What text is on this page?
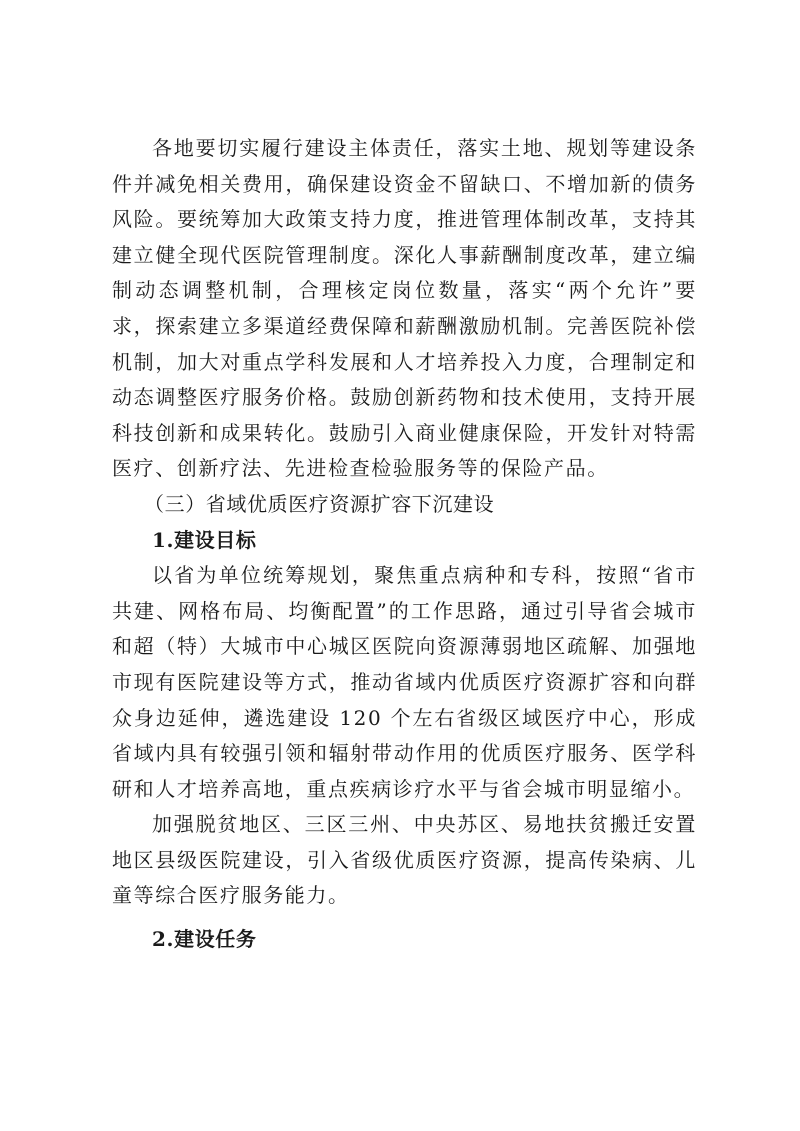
各地要切实履行建设主体责任，落实土地、规划等建设条件并减免相关费用，确保建设资金不留缺口、不增加新的债务风险。要统筹加大政策支持力度，推进管理体制改革，支持其建立健全现代医院管理制度。深化人事薪酬制度改革，建立编制动态调整机制，合理核定岗位数量，落实“两个允许”要求，探索建立多渠道经费保障和薪酬激励机制。完善医院补偿机制，加大对重点学科发展和人才培养投入力度，合理制定和动态调整医疗服务价格。鼓励创新药物和技术使用，支持开展科技创新和成果转化。鼓励引入商业健康保险，开发针对特需医疗、创新疗法、先进检查检验服务等的保险产品。

（三）省域优质医疗资源扩容下沉建设

1.建设目标

以省为单位统筹规划，聚焦重点病种和专科，按照“省市共建、网格布局、均衡配置”的工作思路，通过引导省会城市和超（特）大城市中心城区医院向资源薄弱地区疏解、加强地市现有医院建设等方式，推动省域内优质医疗资源扩容和向群众身边延伸，遴选建设 120 个左右省级区域医疗中心，形成省域内具有较强引领和辐射带动作用的优质医疗服务、医学科研和人才培养高地，重点疾病诊疗水平与省会城市明显缩小。

加强脱贫地区、三区三州、中央苏区、易地扶贫搬迁安置地区县级医院建设，引入省级优质医疗资源，提高传染病、儿童等综合医疗服务能力。

2.建设任务
